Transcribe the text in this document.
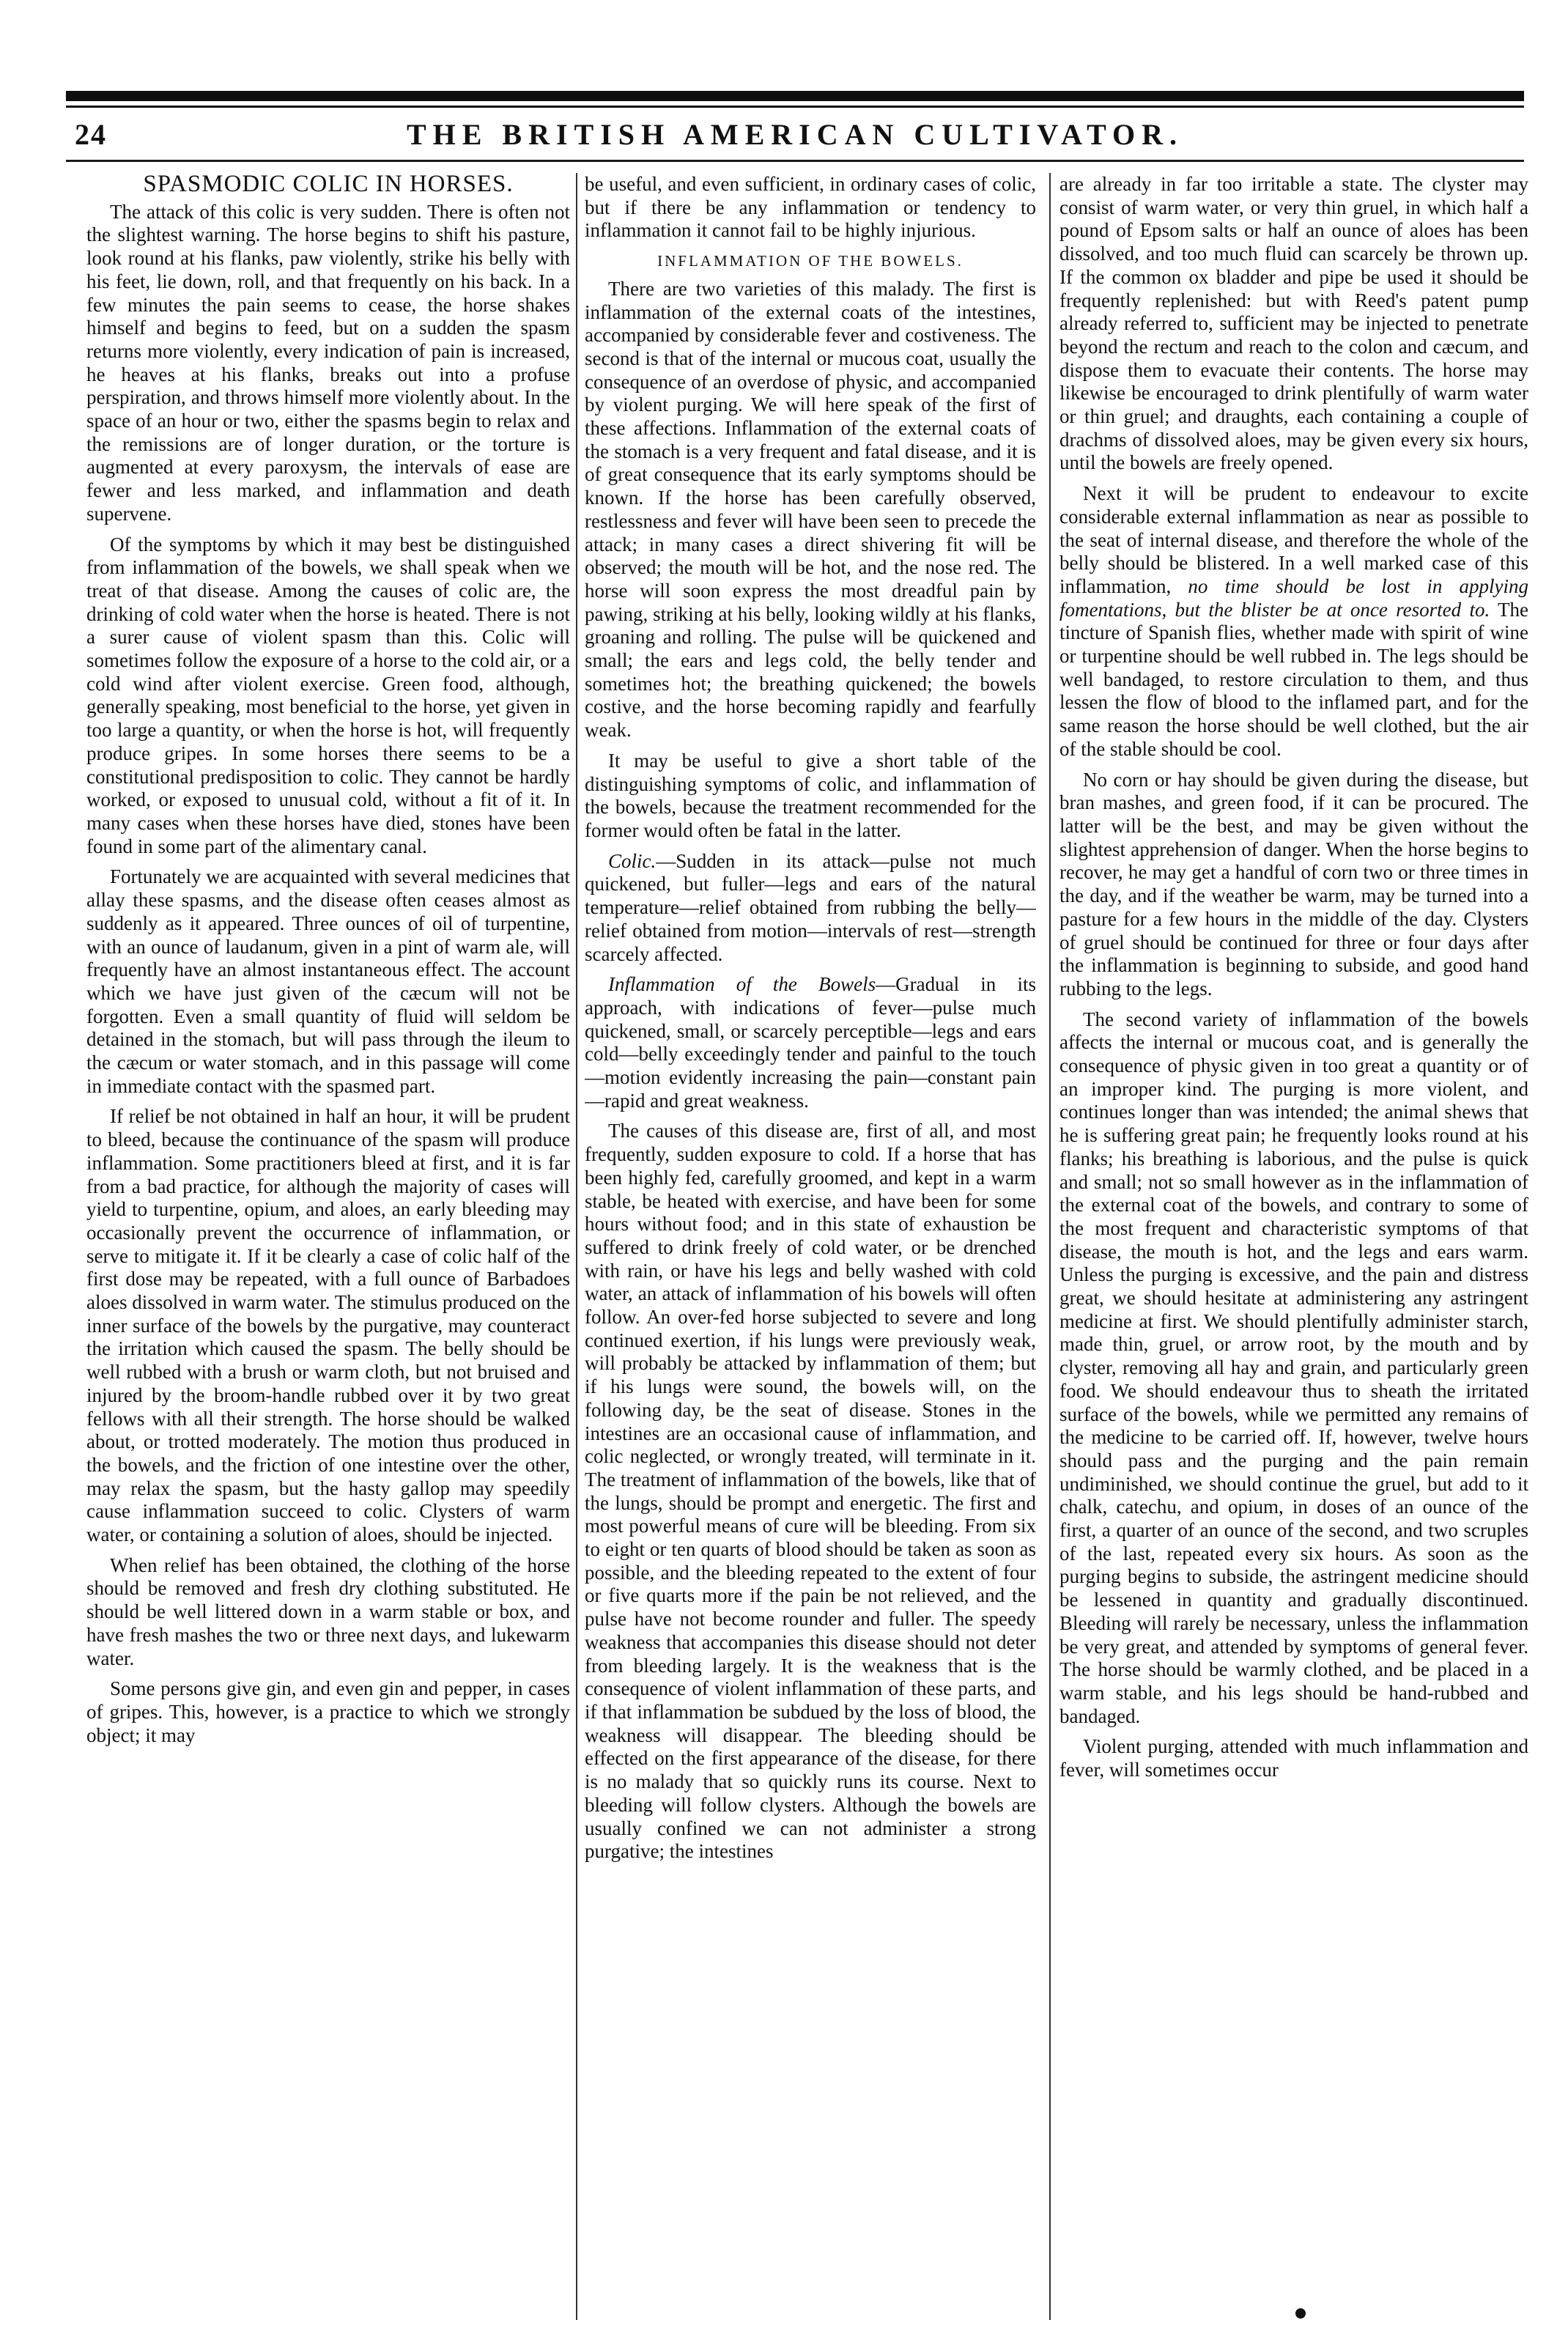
24	THE BRITISH AMERICAN CULTIVATOR.
SPASMODIC COLIC IN HORSES.

The attack of this colic is very sudden. There is often not the slightest warning. The horse begins to shift his pasture, look round at his flanks, paw violently, strike his belly with his feet, lie down, roll, and that frequently on his back. In a few minutes the pain seems to cease, the horse shakes himself and begins to feed, but on a sudden the spasm returns more violently, every indication of pain is increased, he heaves at his flanks, breaks out into a profuse perspiration, and throws himself more violently about. In the space of an hour or two, either the spasms begin to relax and the remissions are of longer duration, or the torture is augmented at every paroxysm, the intervals of ease are fewer and less marked, and inflammation and death supervene.

Of the symptoms by which it may best be distinguished from inflammation of the bowels, we shall speak when we treat of that disease. Among the causes of colic are, the drinking of cold water when the horse is heated. There is not a surer cause of violent spasm than this. Colic will sometimes follow the exposure of a horse to the cold air, or a cold wind after violent exercise. Green food, although, generally speaking, most beneficial to the horse, yet given in too large a quantity, or when the horse is hot, will frequently produce gripes. In some horses there seems to be a constitutional predisposition to colic. They cannot be hardly worked, or exposed to unusual cold, without a fit of it. In many cases when these horses have died, stones have been found in some part of the alimentary canal.

Fortunately we are acquainted with several medicines that allay these spasms, and the disease often ceases almost as suddenly as it appeared. Three ounces of oil of turpentine, with an ounce of laudanum, given in a pint of warm ale, will frequently have an almost instantaneous effect. The account which we have just given of the cæcum will not be forgotten. Even a small quantity of fluid will seldom be detained in the stomach, but will pass through the ileum to the cæcum or water stomach, and in this passage will come in immediate contact with the spasmed part.

If relief be not obtained in half an hour, it will be prudent to bleed, because the continuance of the spasm will produce inflammation. Some practitioners bleed at first, and it is far from a bad practice, for although the majority of cases will yield to turpentine, opium, and aloes, an early bleeding may occasionally prevent the occurrence of inflammation, or serve to mitigate it. If it be clearly a case of colic half of the first dose may be repeated, with a full ounce of Barbadoes aloes dissolved in warm water. The stimulus produced on the inner surface of the bowels by the purgative, may counteract the irritation which caused the spasm. The belly should be well rubbed with a brush or warm cloth, but not bruised and injured by the broom-handle rubbed over it by two great fellows with all their strength. The horse should be walked about, or trotted moderately. The motion thus produced in the bowels, and the friction of one intestine over the other, may relax the spasm, but the hasty gallop may speedily cause inflammation succeed to colic. Clysters of warm water, or containing a solution of aloes, should be injected.

When relief has been obtained, the clothing of the horse should be removed and fresh dry clothing substituted. He should be well littered down in a warm stable or box, and have fresh mashes the two or three next days, and lukewarm water.

Some persons give gin, and even gin and pepper, in cases of gripes. This, however, is a practice to which we strongly object; it may

be useful, and even sufficient, in ordinary cases of colic, but if there be any inflammation or tendency to inflammation it cannot fail to be highly injurious.

INFLAMMATION OF THE BOWELS.

There are two varieties of this malady. The first is inflammation of the external coats of the intestines, accompanied by considerable fever and costiveness. The second is that of the internal or mucous coat, usually the consequence of an overdose of physic, and accompanied by violent purging. We will here speak of the first of these affections. Inflammation of the external coats of the stomach is a very frequent and fatal disease, and it is of great consequence that its early symptoms should be known. If the horse has been carefully observed, restlessness and fever will have been seen to precede the attack; in many cases a direct shivering fit will be observed; the mouth will be hot, and the nose red. The horse will soon express the most dreadful pain by pawing, striking at his belly, looking wildly at his flanks, groaning and rolling. The pulse will be quickened and small; the ears and legs cold, the belly tender and sometimes hot; the breathing quickened; the bowels costive, and the horse becoming rapidly and fearfully weak.

It may be useful to give a short table of the distinguishing symptoms of colic, and inflammation of the bowels, because the treatment recommended for the former would often be fatal in the latter.

Colic.—Sudden in its attack—pulse not much quickened, but fuller—legs and ears of the natural temperature—relief obtained from rubbing the belly—relief obtained from motion—intervals of rest—strength scarcely affected.

Inflammation of the Bowels—Gradual in its approach, with indications of fever—pulse much quickened, small, or scarcely perceptible—legs and ears cold—belly exceedingly tender and painful to the touch—motion evidently increasing the pain—constant pain—rapid and great weakness.

The causes of this disease are, first of all, and most frequently, sudden exposure to cold. If a horse that has been highly fed, carefully groomed, and kept in a warm stable, be heated with exercise, and have been for some hours without food; and in this state of exhaustion be suffered to drink freely of cold water, or be drenched with rain, or have his legs and belly washed with cold water, an attack of inflammation of his bowels will often follow. An over-fed horse subjected to severe and long continued exertion, if his lungs were previously weak, will probably be attacked by inflammation of them; but if his lungs were sound, the bowels will, on the following day, be the seat of disease. Stones in the intestines are an occasional cause of inflammation, and colic neglected, or wrongly treated, will terminate in it. The treatment of inflammation of the bowels, like that of the lungs, should be prompt and energetic. The first and most powerful means of cure will be bleeding. From six to eight or ten quarts of blood should be taken as soon as possible, and the bleeding repeated to the extent of four or five quarts more if the pain be not relieved, and the pulse have not become rounder and fuller. The speedy weakness that accompanies this disease should not deter from bleeding largely. It is the weakness that is the consequence of violent inflammation of these parts, and if that inflammation be subdued by the loss of blood, the weakness will disappear. The bleeding should be effected on the first appearance of the disease, for there is no malady that so quickly runs its course. Next to bleeding will follow clysters. Although the bowels are usually confined we can not administer a strong purgative; the intestines

are already in far too irritable a state. The clyster may consist of warm water, or very thin gruel, in which half a pound of Epsom salts or half an ounce of aloes has been dissolved, and too much fluid can scarcely be thrown up. If the common ox bladder and pipe be used it should be frequently replenished: but with Reed's patent pump already referred to, sufficient may be injected to penetrate beyond the rectum and reach to the colon and cæcum, and dispose them to evacuate their contents. The horse may likewise be encouraged to drink plentifully of warm water or thin gruel; and draughts, each containing a couple of drachms of dissolved aloes, may be given every six hours, until the bowels are freely opened.

Next it will be prudent to endeavour to excite considerable external inflammation as near as possible to the seat of internal disease, and therefore the whole of the belly should be blistered. In a well marked case of this inflammation, no time should be lost in applying fomentations, but the blister be at once resorted to. The tincture of Spanish flies, whether made with spirit of wine or turpentine should be well rubbed in. The legs should be well bandaged, to restore circulation to them, and thus lessen the flow of blood to the inflamed part, and for the same reason the horse should be well clothed, but the air of the stable should be cool.

No corn or hay should be given during the disease, but bran mashes, and green food, if it can be procured. The latter will be the best, and may be given without the slightest apprehension of danger. When the horse begins to recover, he may get a handful of corn two or three times in the day, and if the weather be warm, may be turned into a pasture for a few hours in the middle of the day. Clysters of gruel should be continued for three or four days after the inflammation is beginning to subside, and good hand rubbing to the legs.

The second variety of inflammation of the bowels affects the internal or mucous coat, and is generally the consequence of physic given in too great a quantity or of an improper kind. The purging is more violent, and continues longer than was intended; the animal shews that he is suffering great pain; he frequently looks round at his flanks; his breathing is laborious, and the pulse is quick and small; not so small however as in the inflammation of the external coat of the bowels, and contrary to some of the most frequent and characteristic symptoms of that disease, the mouth is hot, and the legs and ears warm. Unless the purging is excessive, and the pain and distress great, we should hesitate at administering any astringent medicine at first. We should plentifully administer starch, made thin, gruel, or arrow root, by the mouth and by clyster, removing all hay and grain, and particularly green food. We should endeavour thus to sheath the irritated surface of the bowels, while we permitted any remains of the medicine to be carried off. If, however, twelve hours should pass and the purging and the pain remain undiminished, we should continue the gruel, but add to it chalk, catechu, and opium, in doses of an ounce of the first, a quarter of an ounce of the second, and two scruples of the last, repeated every six hours. As soon as the purging begins to subside, the astringent medicine should be lessened in quantity and gradually discontinued. Bleeding will rarely be necessary, unless the inflammation be very great, and attended by symptoms of general fever. The horse should be warmly clothed, and be placed in a warm stable, and his legs should be hand-rubbed and bandaged.

Violent purging, attended with much inflammation and fever, will sometimes occur
